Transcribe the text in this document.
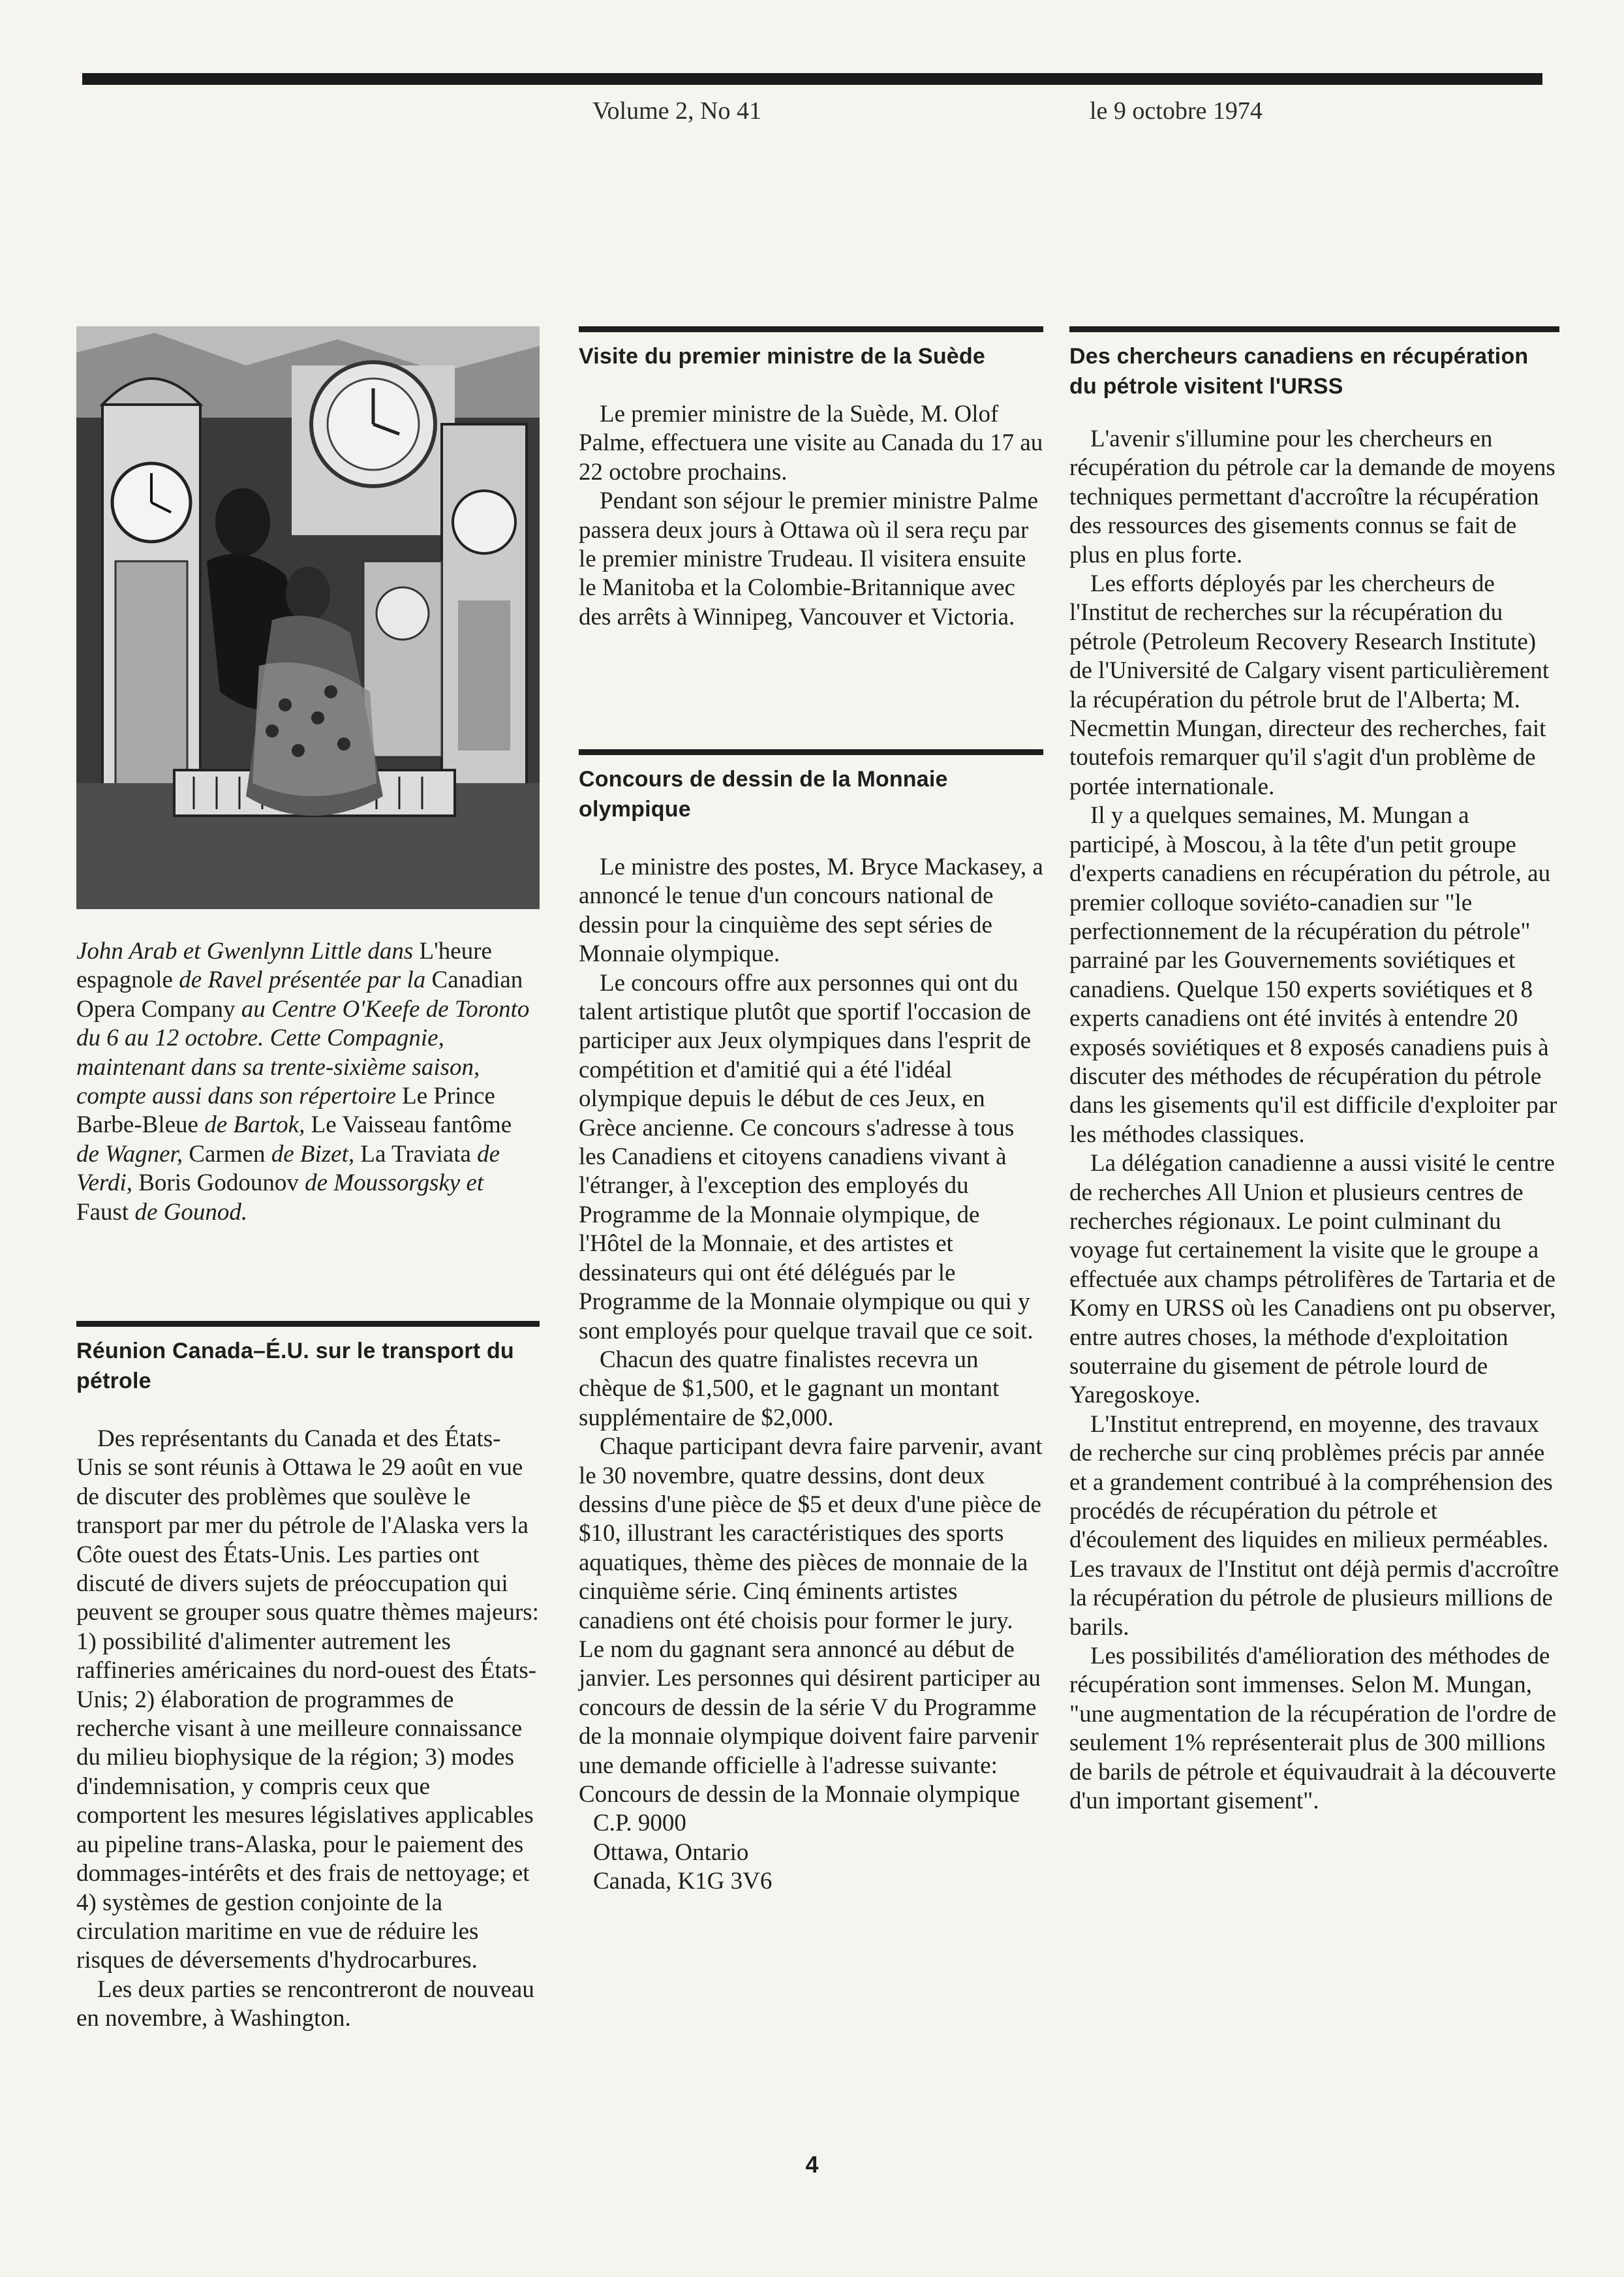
Volume 2, No 41	le 9 octobre 1974
John Arab et Gwenlynn Little dans L'heure espagnole de Ravel présentée par la Canadian Opera Company au Centre O'Keefe de Toronto du 6 au 12 octobre. Cette Compagnie, maintenant dans sa trente-sixième saison, compte aussi dans son répertoire Le Prince Barbe-Bleue de Bartok, Le Vaisseau fantôme de Wagner, Carmen de Bizet, La Traviata de Verdi, Boris Godounov de Moussorgsky et Faust de Gounod.
Réunion Canada–É.U. sur le transport du pétrole

Des représentants du Canada et des États-Unis se sont réunis à Ottawa le 29 août en vue de discuter des problèmes que soulève le transport par mer du pétrole de l'Alaska vers la Côte ouest des États-Unis. Les parties ont discuté de divers sujets de préoccupation qui peuvent se grouper sous quatre thèmes majeurs: 1) possibilité d'alimenter autrement les raffineries américaines du nord-ouest des États-Unis; 2) élaboration de programmes de recherche visant à une meilleure connaissance du milieu biophysique de la région; 3) modes d'indemnisation, y compris ceux que comportent les mesures législatives applicables au pipeline trans-Alaska, pour le paiement des dommages-intérêts et des frais de nettoyage; et 4) systèmes de gestion conjointe de la circulation maritime en vue de réduire les risques de déversements d'hydrocarbures.

Les deux parties se rencontreront de nouveau en novembre, à Washington.

Visite du premier ministre de la Suède

Le premier ministre de la Suède, M. Olof Palme, effectuera une visite au Canada du 17 au 22 octobre prochains.

Pendant son séjour le premier ministre Palme passera deux jours à Ottawa où il sera reçu par le premier ministre Trudeau. Il visitera ensuite le Manitoba et la Colombie-Britannique avec des arrêts à Winnipeg, Vancouver et Victoria.

Concours de dessin de la Monnaie olympique

Le ministre des postes, M. Bryce Mackasey, a annoncé le tenue d'un concours national de dessin pour la cinquième des sept séries de Monnaie olympique.

Le concours offre aux personnes qui ont du talent artistique plutôt que sportif l'occasion de participer aux Jeux olympiques dans l'esprit de compétition et d'amitié qui a été l'idéal olympique depuis le début de ces Jeux, en Grèce ancienne. Ce concours s'adresse à tous les Canadiens et citoyens canadiens vivant à l'étranger, à l'exception des employés du Programme de la Monnaie olympique, de l'Hôtel de la Monnaie, et des artistes et dessinateurs qui ont été délégués par le Programme de la Monnaie olympique ou qui y sont employés pour quelque travail que ce soit.

Chacun des quatre finalistes recevra un chèque de $1,500, et le gagnant un montant supplémentaire de $2,000.

Chaque participant devra faire parvenir, avant le 30 novembre, quatre dessins, dont deux dessins d'une pièce de $5 et deux d'une pièce de $10, illustrant les caractéristiques des sports aquatiques, thème des pièces de monnaie de la cinquième série. Cinq éminents artistes canadiens ont été choisis pour former le jury. Le nom du gagnant sera annoncé au début de janvier. Les personnes qui désirent participer au concours de dessin de la série V du Programme de la monnaie olympique doivent faire parvenir une demande officielle à l'adresse suivante:

Concours de dessin de la Monnaie olympique

C.P. 9000

Ottawa, Ontario

Canada, K1G 3V6

Des chercheurs canadiens en récupération du pétrole visitent l'URSS

L'avenir s'illumine pour les chercheurs en récupération du pétrole car la demande de moyens techniques permettant d'accroître la récupération des ressources des gisements connus se fait de plus en plus forte.

Les efforts déployés par les chercheurs de l'Institut de recherches sur la récupération du pétrole (Petroleum Recovery Research Institute) de l'Université de Calgary visent particulièrement la récupération du pétrole brut de l'Alberta; M. Necmettin Mungan, directeur des recherches, fait toutefois remarquer qu'il s'agit d'un problème de portée internationale.

Il y a quelques semaines, M. Mungan a participé, à Moscou, à la tête d'un petit groupe d'experts canadiens en récupération du pétrole, au premier colloque soviéto-canadien sur "le perfectionnement de la récupération du pétrole" parrainé par les Gouvernements soviétiques et canadiens. Quelque 150 experts soviétiques et 8 experts canadiens ont été invités à entendre 20 exposés soviétiques et 8 exposés canadiens puis à discuter des méthodes de récupération du pétrole dans les gisements qu'il est difficile d'exploiter par les méthodes classiques.

La délégation canadienne a aussi visité le centre de recherches All Union et plusieurs centres de recherches régionaux. Le point culminant du voyage fut certainement la visite que le groupe a effectuée aux champs pétrolifères de Tartaria et de Komy en URSS où les Canadiens ont pu observer, entre autres choses, la méthode d'exploitation souterraine du gisement de pétrole lourd de Yaregoskoye.

L'Institut entreprend, en moyenne, des travaux de recherche sur cinq problèmes précis par année et a grandement contribué à la compréhension des procédés de récupération du pétrole et d'écoulement des liquides en milieux perméables. Les travaux de l'Institut ont déjà permis d'accroître la récupération du pétrole de plusieurs millions de barils.

Les possibilités d'amélioration des méthodes de récupération sont immenses. Selon M. Mungan, "une augmentation de la récupération de l'ordre de seulement 1% représenterait plus de 300 millions de barils de pétrole et équivaudrait à la découverte d'un important gisement".

4
